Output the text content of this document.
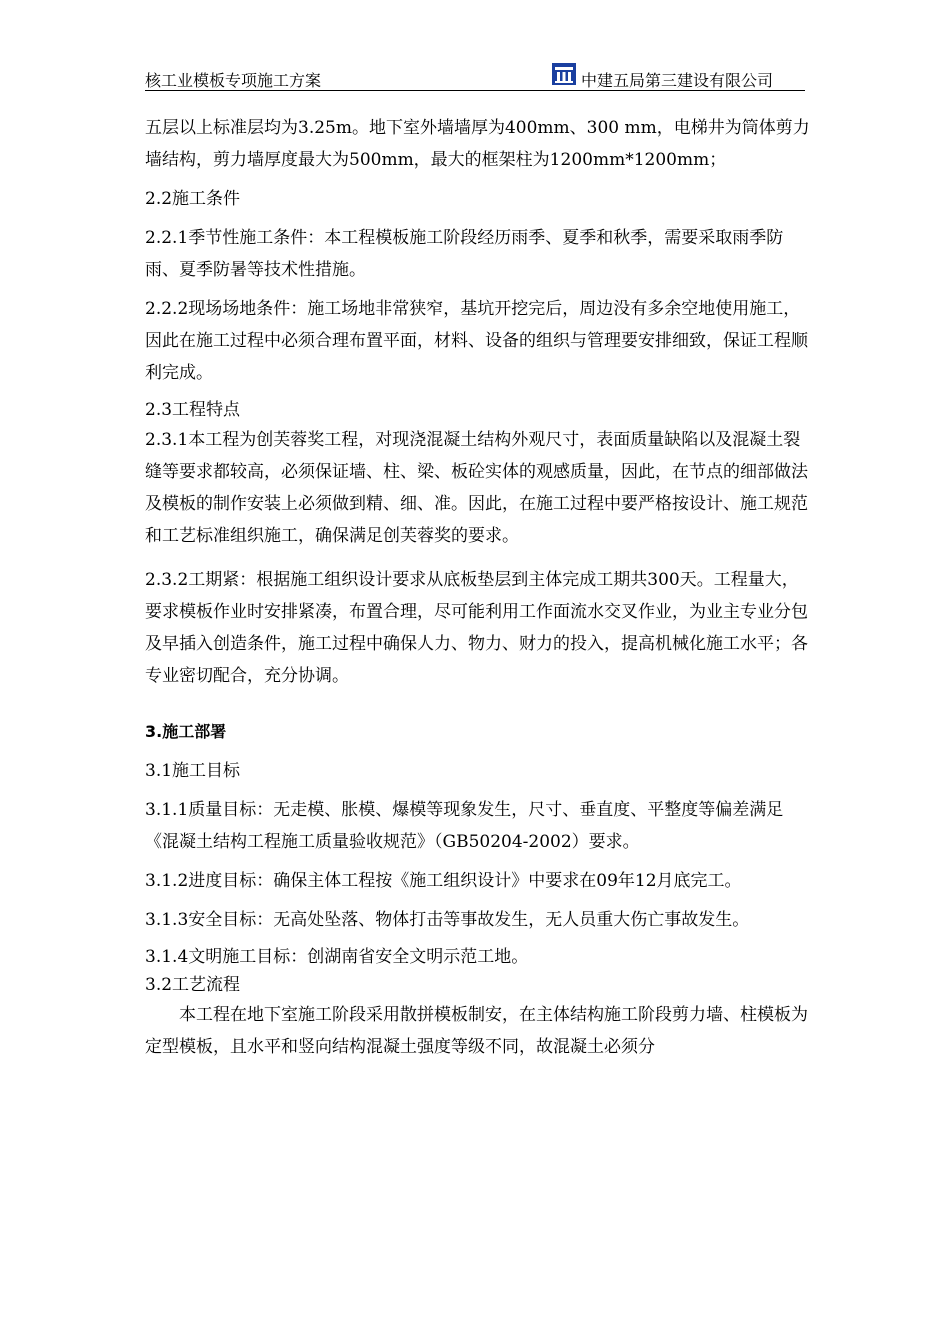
核工业模板专项施工方案	中建五局第三建设有限公司

五层以上标准层均为3.25m。地下室外墙墙厚为400mm、300 mm，电梯井为筒体剪力墙结构，剪力墙厚度最大为500mm，最大的框架柱为1200mm*1200mm；

2.2施工条件

2.2.1季节性施工条件：本工程模板施工阶段经历雨季、夏季和秋季，需要采取雨季防雨、夏季防暑等技术性措施。

2.2.2现场场地条件：施工场地非常狭窄，基坑开挖完后，周边没有多余空地使用施工，因此在施工过程中必须合理布置平面，材料、设备的组织与管理要安排细致，保证工程顺利完成。

2.3工程特点

2.3.1本工程为创芙蓉奖工程，对现浇混凝土结构外观尺寸，表面质量缺陷以及混凝土裂缝等要求都较高，必须保证墙、柱、梁、板砼实体的观感质量，因此，在节点的细部做法及模板的制作安装上必须做到精、细、准。因此，在施工过程中要严格按设计、施工规范和工艺标准组织施工，确保满足创芙蓉奖的要求。

2.3.2工期紧：根据施工组织设计要求从底板垫层到主体完成工期共300天。工程量大，要求模板作业时安排紧凑，布置合理，尽可能利用工作面流水交叉作业，为业主专业分包及早插入创造条件，施工过程中确保人力、物力、财力的投入，提高机械化施工水平；各专业密切配合，充分协调。

3.施工部署

3.1施工目标

3.1.1质量目标：无走模、胀模、爆模等现象发生，尺寸、垂直度、平整度等偏差满足《混凝土结构工程施工质量验收规范》（GB50204-2002）要求。

3.1.2进度目标：确保主体工程按《施工组织设计》中要求在09年12月底完工。

3.1.3安全目标：无高处坠落、物体打击等事故发生，无人员重大伤亡事故发生。

3.1.4文明施工目标：创湖南省安全文明示范工地。

3.2工艺流程

本工程在地下室施工阶段采用散拼模板制安，在主体结构施工阶段剪力墙、柱模板为定型模板，且水平和竖向结构混凝土强度等级不同，故混凝土必须分
